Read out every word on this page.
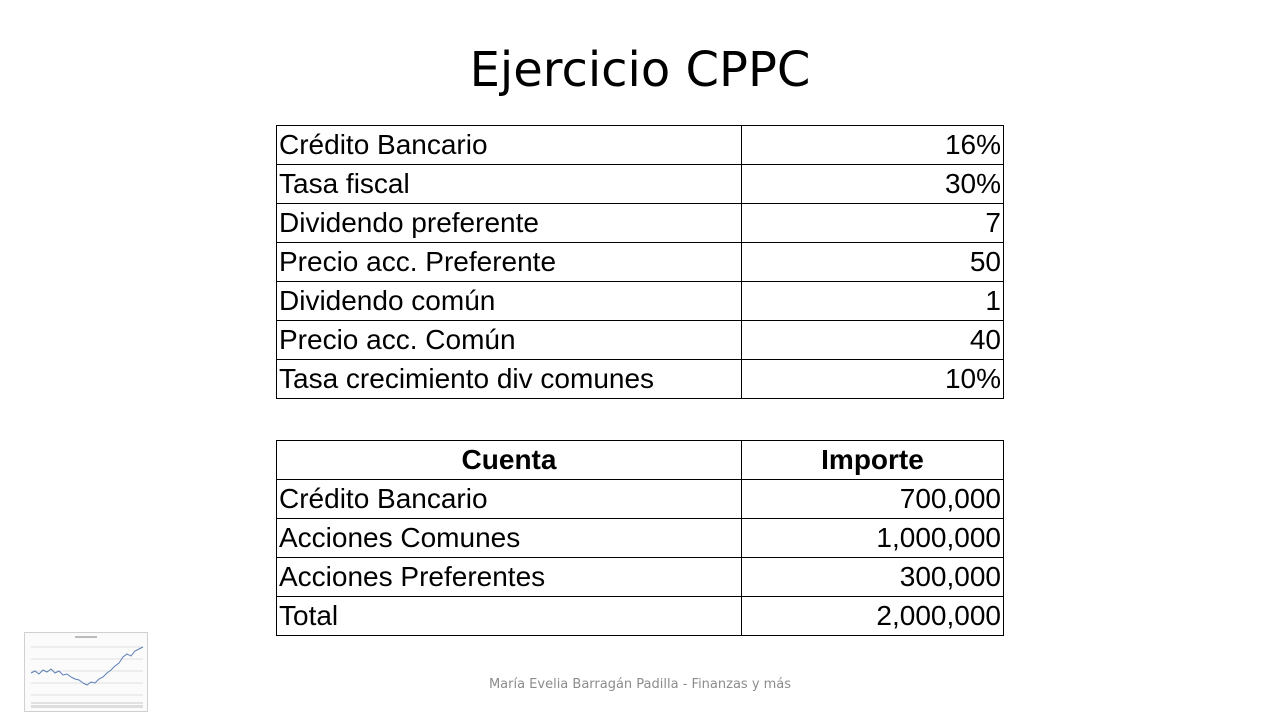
Ejercicio CPPC
Crédito Bancario	16%
Tasa fiscal	30%
Dividendo preferente	7
Precio acc. Preferente	50
Dividendo común	1
Precio acc. Común	40
Tasa crecimiento div comunes	10%
Cuenta	Importe
Crédito Bancario	700,000
Acciones Comunes	1,000,000
Acciones Preferentes	300,000
Total	2,000,000
María Evelia Barragán Padilla - Finanzas y más
